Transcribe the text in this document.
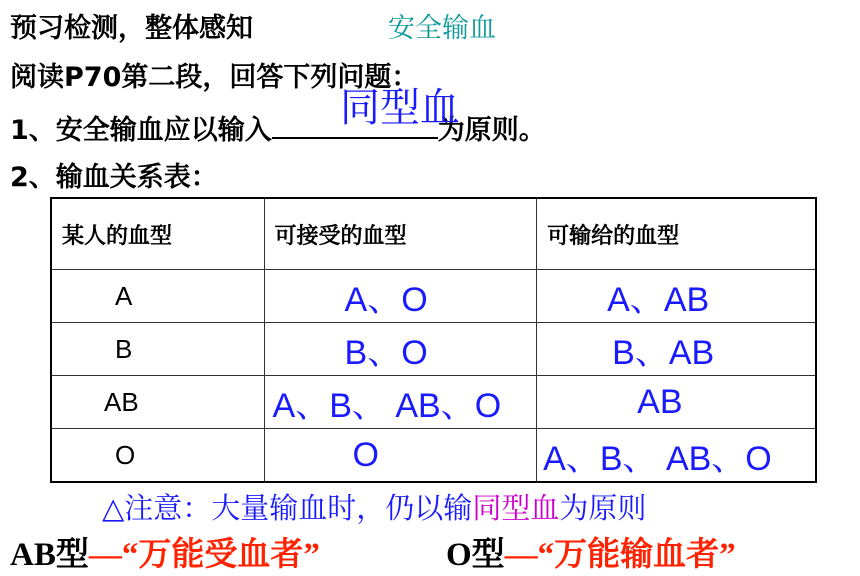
预习检测，整体感知	安全输血
阅读P70第二段，回答下列问题：
1、安全输血应以输入	为原则。
同型血
2、输血关系表：
某人的血型	可接受的血型	可输给的血型
A	A、O	A、AB
B	B、O	B、AB
AB	A、B、 AB、O	AB
O	O	A、B、 AB、O
△注意：大量输血时，仍以输同型血为原则
AB型—“万能受血者”	O型—“万能输血者”
